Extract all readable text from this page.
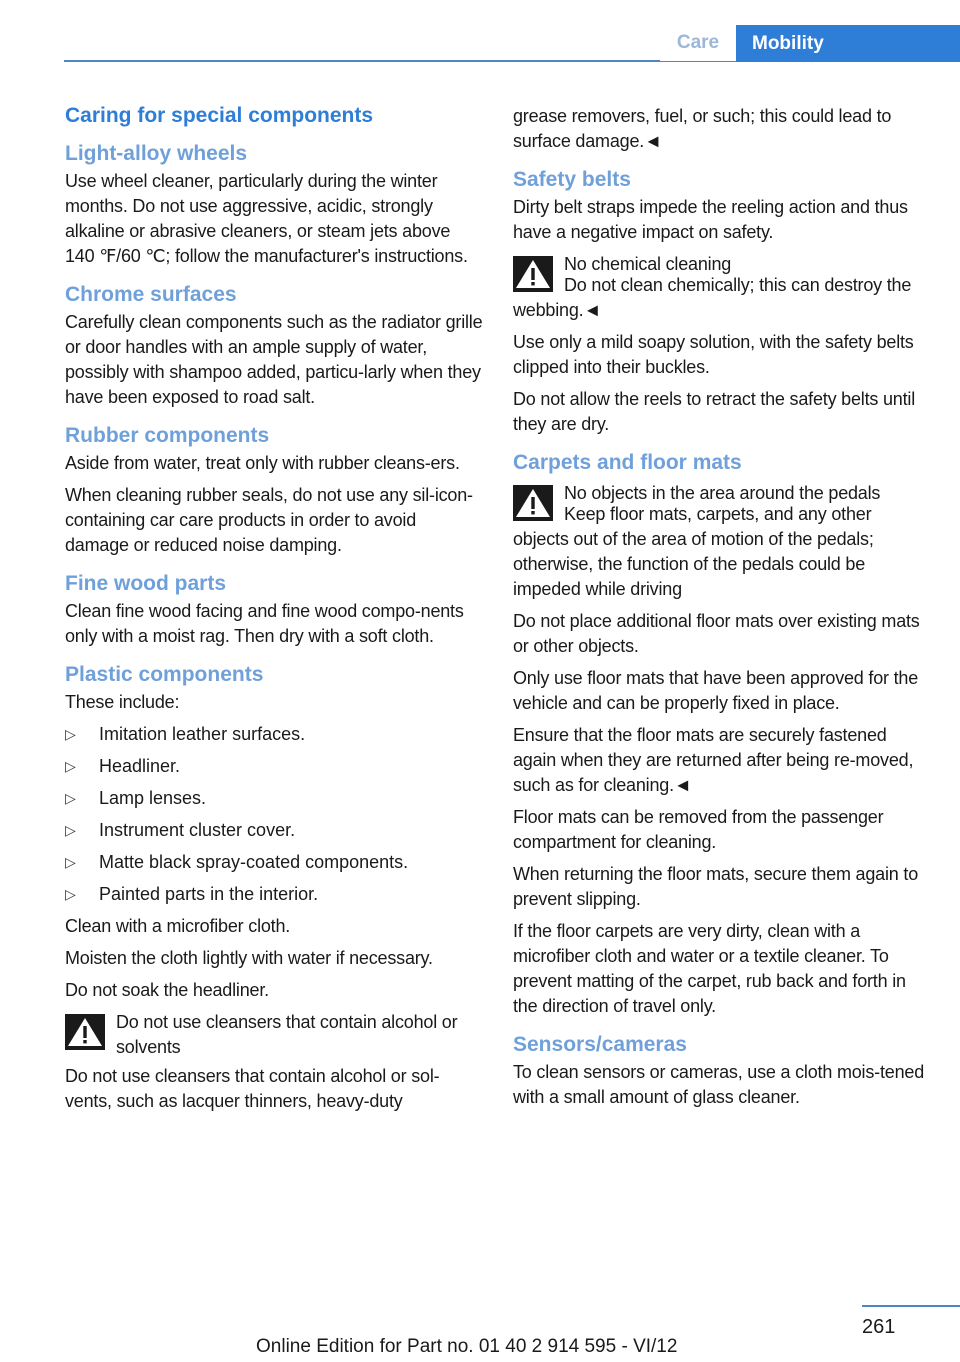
Care	Mobility
Caring for special components
Light-alloy wheels

Use wheel cleaner, particularly during the winter months. Do not use aggressive, acidic, strongly alkaline or abrasive cleaners, or steam jets above 140 ℉/60 ℃; follow the manufacturer's instructions.

Chrome surfaces

Carefully clean components such as the radiator grille or door handles with an ample supply of water, possibly with shampoo added, particu-larly when they have been exposed to road salt.

Rubber components

Aside from water, treat only with rubber cleans-ers.

When cleaning rubber seals, do not use any sil-icon-containing car care products in order to avoid damage or reduced noise damping.

Fine wood parts

Clean fine wood facing and fine wood compo-nents only with a moist rag. Then dry with a soft cloth.

Plastic components

These include:

▷ Imitation leather surfaces.
▷ Headliner.
▷ Lamp lenses.
▷ Instrument cluster cover.
▷ Matte black spray-coated components.
▷ Painted parts in the interior.

Clean with a microfiber cloth.

Moisten the cloth lightly with water if necessary.

Do not soak the headliner.

Do not use cleansers that contain alcohol or solvents

Do not use cleansers that contain alcohol or sol-vents, such as lacquer thinners, heavy-duty

grease removers, fuel, or such; this could lead to surface damage.◄

Safety belts

Dirty belt straps impede the reeling action and thus have a negative impact on safety.

No chemical cleaning

Do not clean chemically; this can destroy the webbing.◄

Use only a mild soapy solution, with the safety belts clipped into their buckles.

Do not allow the reels to retract the safety belts until they are dry.

Carpets and floor mats

No objects in the area around the pedals

Keep floor mats, carpets, and any other objects out of the area of motion of the pedals; otherwise, the function of the pedals could be impeded while driving

Do not place additional floor mats over existing mats or other objects.

Only use floor mats that have been approved for the vehicle and can be properly fixed in place.

Ensure that the floor mats are securely fastened again when they are returned after being re-moved, such as for cleaning.◄

Floor mats can be removed from the passenger compartment for cleaning.

When returning the floor mats, secure them again to prevent slipping.

If the floor carpets are very dirty, clean with a microfiber cloth and water or a textile cleaner. To prevent matting of the carpet, rub back and forth in the direction of travel only.

Sensors/cameras

To clean sensors or cameras, use a cloth mois-tened with a small amount of glass cleaner.

261
Online Edition for Part no. 01 40 2 914 595 - VI/12
